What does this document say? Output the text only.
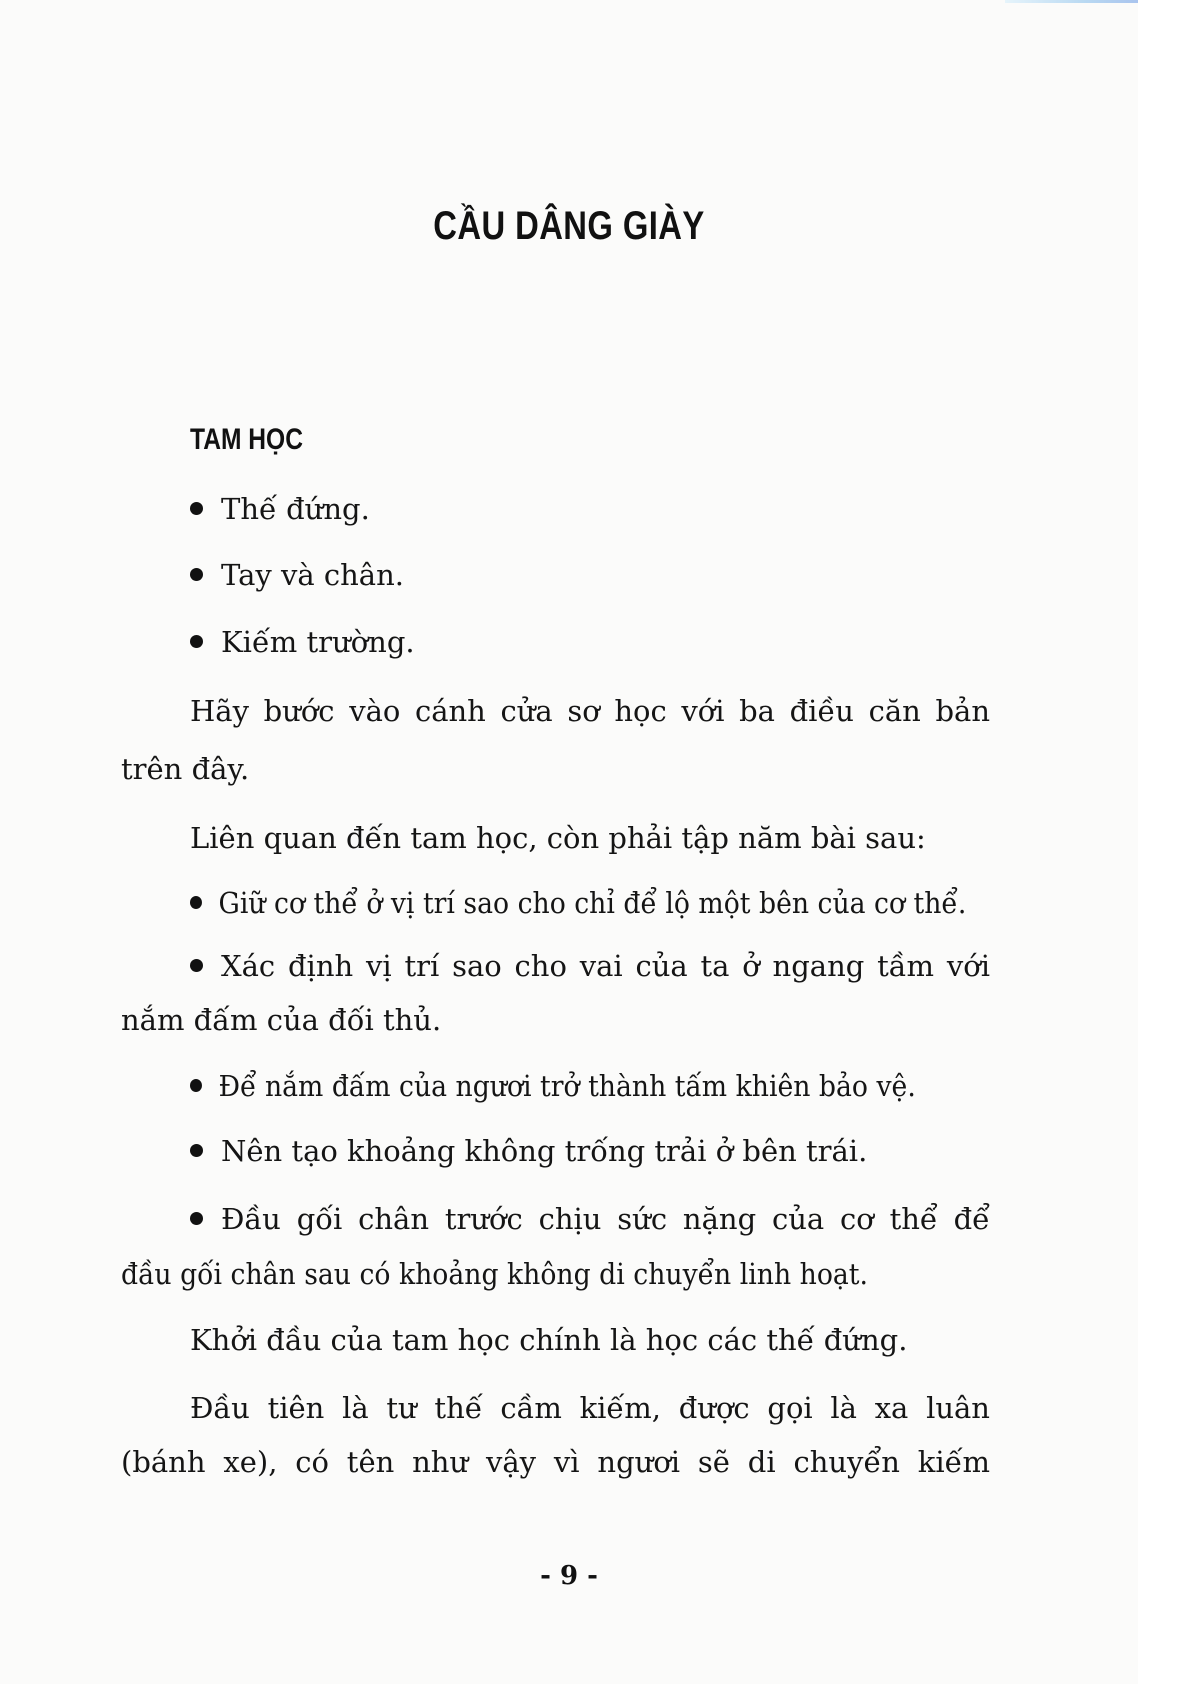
CẦU DÂNG GIÀY
TAM HỌC
Thế đứng.
Tay và chân.
Kiếm trường.
Hãy bước vào cánh cửa sơ học với ba điều căn bản
trên đây.
Liên quan đến tam học, còn phải tập năm bài sau:
Giữ cơ thể ở vị trí sao cho chỉ để lộ một bên của cơ thể.
Xác định vị trí sao cho vai của ta ở ngang tầm với
nắm đấm của đối thủ.
Để nắm đấm của ngươi trở thành tấm khiên bảo vệ.
Nên tạo khoảng không trống trải ở bên trái.
Đầu gối chân trước chịu sức nặng của cơ thể để
đầu gối chân sau có khoảng không di chuyển linh hoạt.
Khởi đầu của tam học chính là học các thế đứng.
Đầu tiên là tư thế cầm kiếm, được gọi là xa luân
(bánh xe), có tên như vậy vì ngươi sẽ di chuyển kiếm
- 9 -
